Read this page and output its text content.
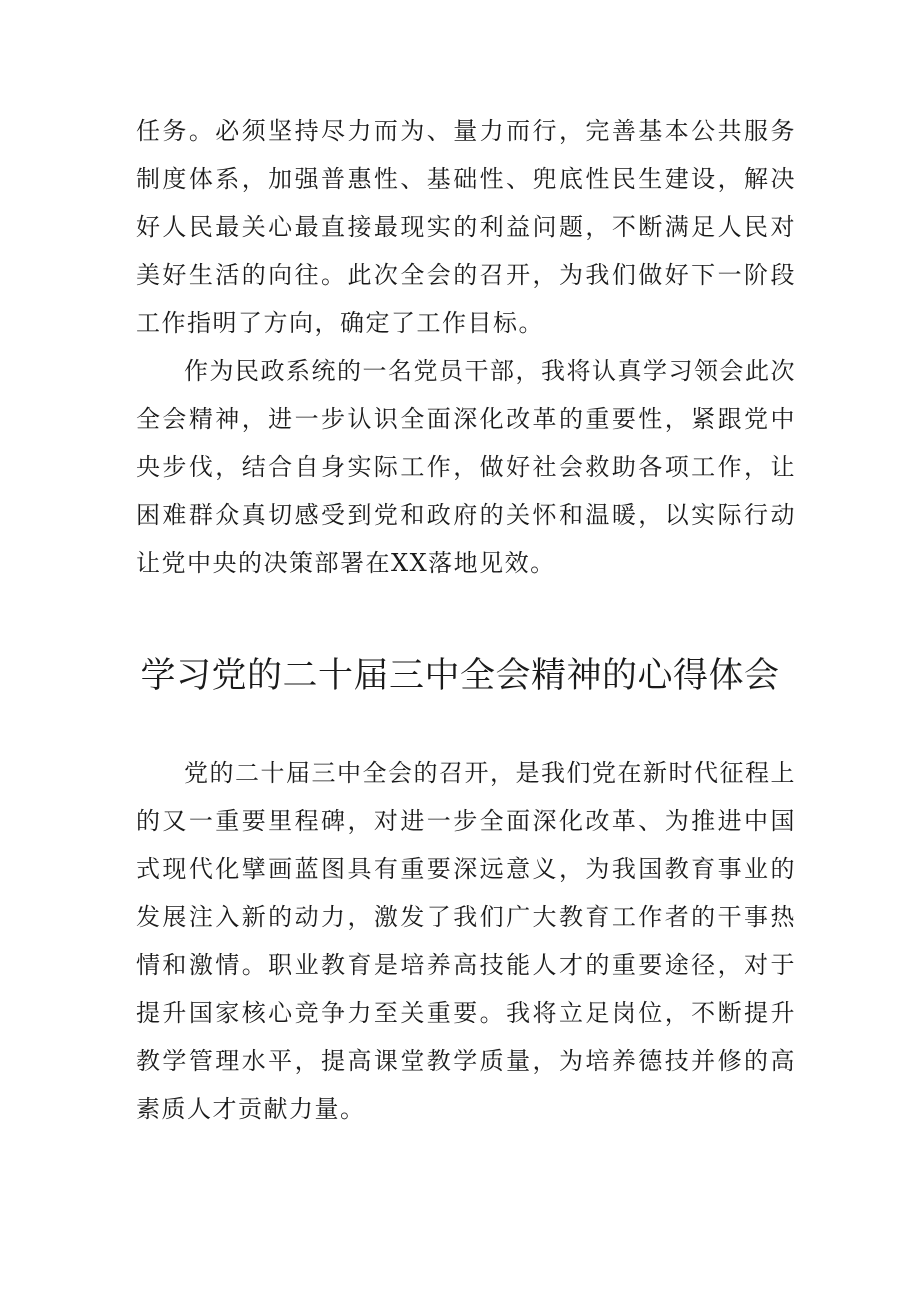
任务。必须坚持尽力而为、量力而行，完善基本公共服务制度体系，加强普惠性、基础性、兜底性民生建设，解决好人民最关心最直接最现实的利益问题，不断满足人民对美好生活的向往。此次全会的召开，为我们做好下一阶段工作指明了方向，确定了工作目标。

作为民政系统的一名党员干部，我将认真学习领会此次全会精神，进一步认识全面深化改革的重要性，紧跟党中央步伐，结合自身实际工作，做好社会救助各项工作，让困难群众真切感受到党和政府的关怀和温暖，以实际行动让党中央的决策部署在XX落地见效。

学习党的二十届三中全会精神的心得体会

党的二十届三中全会的召开，是我们党在新时代征程上的又一重要里程碑，对进一步全面深化改革、为推进中国式现代化擘画蓝图具有重要深远意义，为我国教育事业的发展注入新的动力，激发了我们广大教育工作者的干事热情和激情。职业教育是培养高技能人才的重要途径，对于提升国家核心竞争力至关重要。我将立足岗位，不断提升教学管理水平，提高课堂教学质量，为培养德技并修的高素质人才贡献力量。
